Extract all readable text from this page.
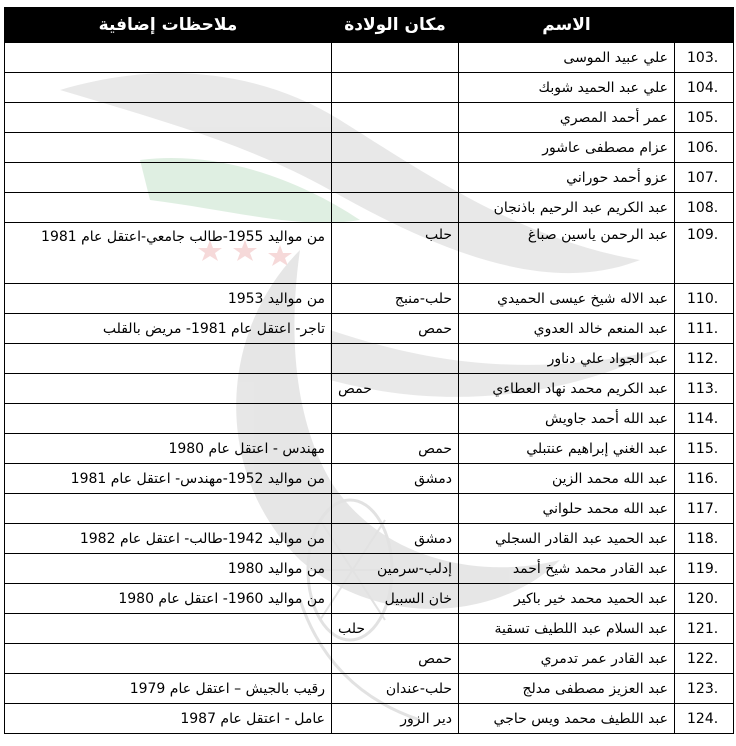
	الاسم	مكان الولادة	ملاحظات إضافية
103.	علي عبيد الموسى		
104.	علي عبد الحميد شوبك		
105.	عمر أحمد المصري		
106.	عزام مصطفى عاشور		
107.	عزو أحمد حوراني		
108.	عبد الكريم عبد الرحيم باذنجان		
109.	عبد الرحمن ياسين صباغ	حلب	من مواليد 1955-طالب جامعي-اعتقل عام 1981
110.	عبد الاله شيخ عيسى الحميدي	حلب-منبج	من مواليد 1953
111.	عبد المنعم خالد العدوي	حمص	تاجر- اعتقل عام 1981- مريض بالقلب
112.	عبد الجواد علي دناور		
113.	عبد الكريم محمد نهاد العطاءي	حمص	
114.	عبد الله أحمد جاويش		
115.	عبد الغني إبراهيم عنتبلي	حمص	مهندس - اعتقل عام 1980
116.	عبد الله محمد الزين	دمشق	من مواليد 1952-مهندس- اعتقل عام 1981
117.	عبد الله محمد حلواني		
118.	عبد الحميد عبد القادر السجلي	دمشق	من مواليد 1942-طالب- اعتقل عام 1982
119.	عبد القادر محمد شيخ أحمد	إدلب-سرمين	من مواليد 1980
120.	عبد الحميد محمد خير باكير	خان السبيل	من مواليد 1960- اعتقل عام 1980
121.	عبد السلام عبد اللطيف تسقية	حلب	
122.	عبد القادر عمر تدمري	حمص	
123.	عبد العزيز مصطفى مدلج	حلب-عندان	رقيب بالجيش – اعتقل عام 1979
124.	عبد اللطيف محمد ويس حاجي	دير الزور	عامل - اعتقل عام 1987
